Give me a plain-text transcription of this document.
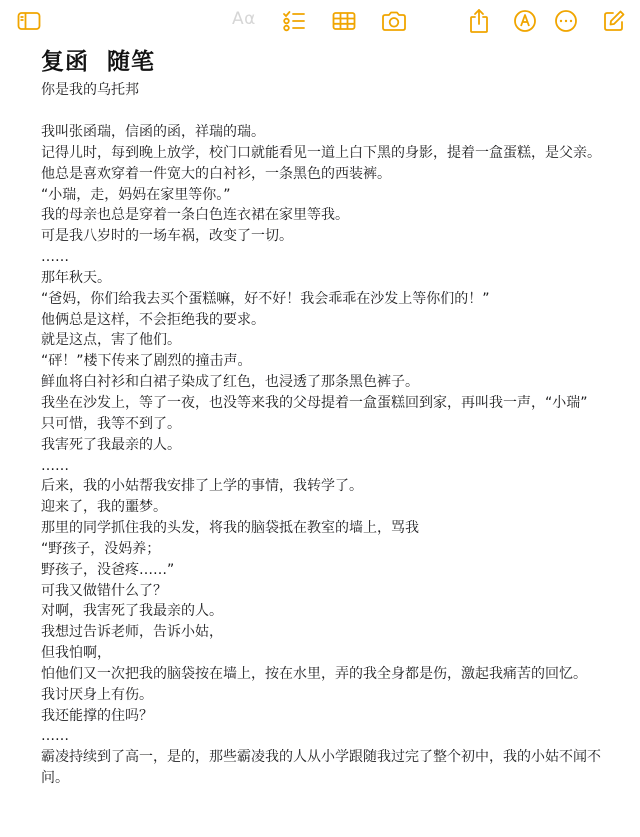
Aα
复函  随笔
你是我的乌托邦

我叫张函瑞，信函的函，祥瑞的瑞。

记得儿时，每到晚上放学，校门口就能看见一道上白下黑的身影，提着一盒蛋糕，是父亲。

他总是喜欢穿着一件宽大的白衬衫，一条黑色的西装裤。

“小瑞，走，妈妈在家里等你。”

我的母亲也总是穿着一条白色连衣裙在家里等我。

可是我八岁时的一场车祸，改变了一切。

……

那年秋天。

“爸妈，你们给我去买个蛋糕嘛，好不好！我会乖乖在沙发上等你们的！”

他俩总是这样，不会拒绝我的要求。

就是这点，害了他们。

“砰！”楼下传来了剧烈的撞击声。

鲜血将白衬衫和白裙子染成了红色，也浸透了那条黑色裤子。

我坐在沙发上，等了一夜，也没等来我的父母提着一盒蛋糕回到家，再叫我一声，“小瑞”

只可惜，我等不到了。

我害死了我最亲的人。

……

后来，我的小姑帮我安排了上学的事情，我转学了。

迎来了，我的噩梦。

那里的同学抓住我的头发，将我的脑袋抵在教室的墙上，骂我

“野孩子，没妈养；

野孩子，没爸疼……”

可我又做错什么了？

对啊，我害死了我最亲的人。

我想过告诉老师，告诉小姑，

但我怕啊，

怕他们又一次把我的脑袋按在墙上，按在水里，弄的我全身都是伤，激起我痛苦的回忆。

我讨厌身上有伤。

我还能撑的住吗？

……

霸凌持续到了高一，是的，那些霸凌我的人从小学跟随我过完了整个初中，我的小姑不闻不问。
